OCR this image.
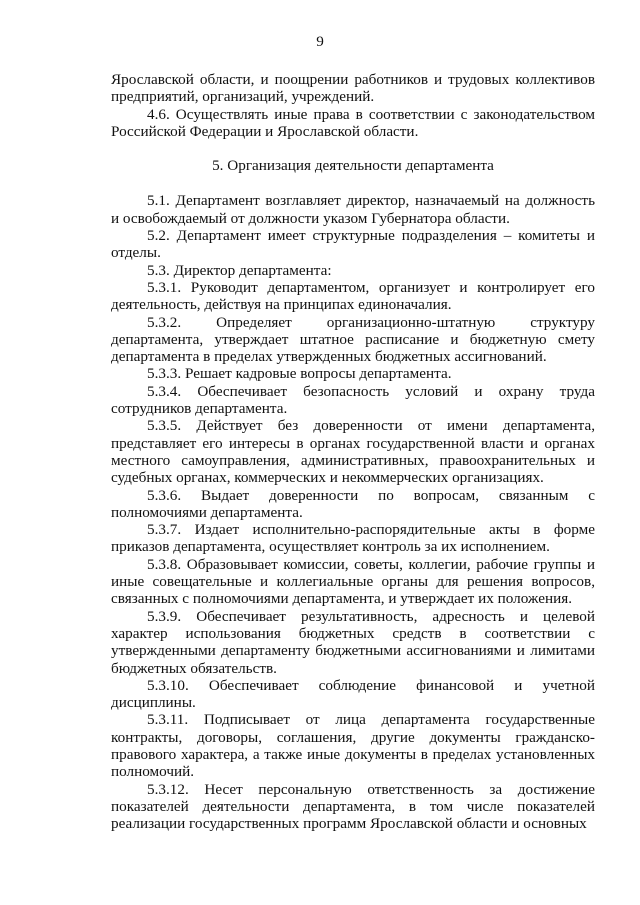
9

Ярославской области, и поощрении работников и трудовых коллективов предприятий, организаций, учреждений.

4.6. Осуществлять иные права в соответствии с законодательством Российской Федерации и Ярославской области.

5. Организация деятельности департамента

5.1. Департамент возглавляет директор, назначаемый на должность и освобождаемый от должности указом Губернатора области.

5.2. Департамент имеет структурные подразделения – комитеты и отделы.

5.3. Директор департамента:

5.3.1. Руководит департаментом, организует и контролирует его деятельность, действуя на принципах единоначалия.

5.3.2. Определяет организационно-штатную структуру департамента, утверждает штатное расписание и бюджетную смету департамента в пределах утвержденных бюджетных ассигнований.

5.3.3. Решает кадровые вопросы департамента.

5.3.4. Обеспечивает безопасность условий и охрану труда сотрудников департамента.

5.3.5. Действует без доверенности от имени департамента, представляет его интересы в органах государственной власти и органах местного самоуправления, административных, правоохранительных и судебных органах, коммерческих и некоммерческих организациях.

5.3.6. Выдает доверенности по вопросам, связанным с полномочиями департамента.

5.3.7. Издает исполнительно-распорядительные акты в форме приказов департамента, осуществляет контроль за их исполнением.

5.3.8. Образовывает комиссии, советы, коллегии, рабочие группы и иные совещательные и коллегиальные органы для решения вопросов, связанных с полномочиями департамента, и утверждает их положения.

5.3.9. Обеспечивает результативность, адресность и целевой характер использования бюджетных средств в соответствии с утвержденными департаменту бюджетными ассигнованиями и лимитами бюджетных обязательств.

5.3.10. Обеспечивает соблюдение финансовой и учетной дисциплины.

5.3.11. Подписывает от лица департамента государственные контракты, договоры, соглашения, другие документы гражданско-правового характера, а также иные документы в пределах установленных полномочий.

5.3.12. Несет персональную ответственность за достижение показателей деятельности департамента, в том числе показателей реализации государственных программ Ярославской области и основных
